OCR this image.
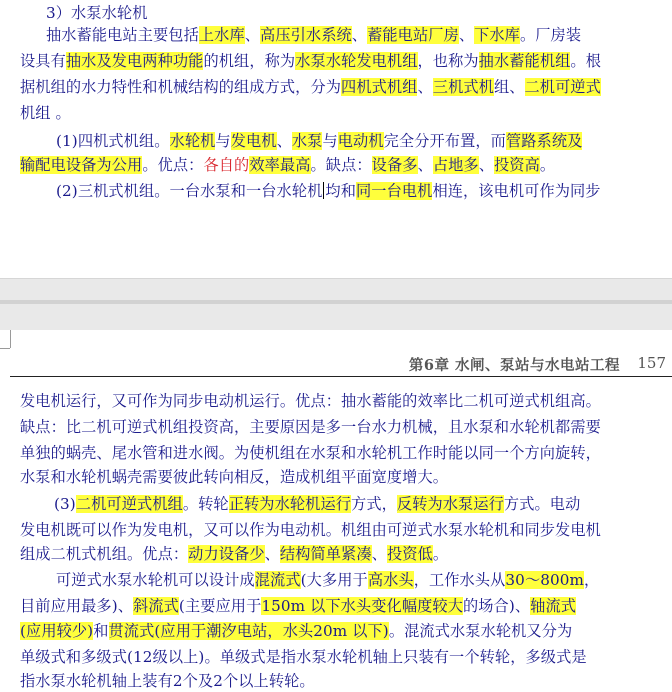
3）水泵水轮机
抽水蓄能电站主要包括上水库、高压引水系统、蓄能电站厂房、下水库。厂房装
设具有抽水及发电两种功能的机组，称为水泵水轮发电机组，也称为抽水蓄能机组。根
据机组的水力特性和机械结构的组成方式，分为四机式机组、三机式机组、二机可逆式
机组 。
(1)四机式机组。水轮机与发电机、水泵与电动机完全分开布置，而管路系统及
输配电设备为公用。优点：各自的效率最高。缺点：设备多、占地多、投资高。
(2)三机式机组。一台水泵和一台水轮机 均和同一台电机相连，该电机可作为同步
第6章 水闸、泵站与水电站工程 157
发电机运行，又可作为同步电动机运行。优点：抽水蓄能的效率比二机可逆式机组高。
缺点：比二机可逆式机组投资高，主要原因是多一台水力机械，且水泵和水轮机都需要
单独的蜗壳、尾水管和进水阀。为使机组在水泵和水轮机工作时能以同一个方向旋转，
水泵和水轮机蜗壳需要彼此转向相反，造成机组平面宽度增大。
(3)二机可逆式机组。转轮正转为水轮机运行方式，反转为水泵运行方式。电动
发电机既可以作为发电机，又可以作为电动机。机组由可逆式水泵水轮机和同步发电机
组成二机式机组。优点：动力设备少、结构简单紧凑、投资低。
可逆式水泵水轮机可以设计成混流式(大多用于高水头，工作水头从30～800m，
目前应用最多)、斜流式(主要应用于150m 以下水头变化幅度较大的场合)、轴流式
(应用较少)和贯流式(应用于潮汐电站，水头20m 以下)。混流式水泵水轮机又分为
单级式和多级式(12级以上)。单级式是指水泵水轮机轴上只装有一个转轮，多级式是
指水泵水轮机轴上装有2个及2个以上转轮。
